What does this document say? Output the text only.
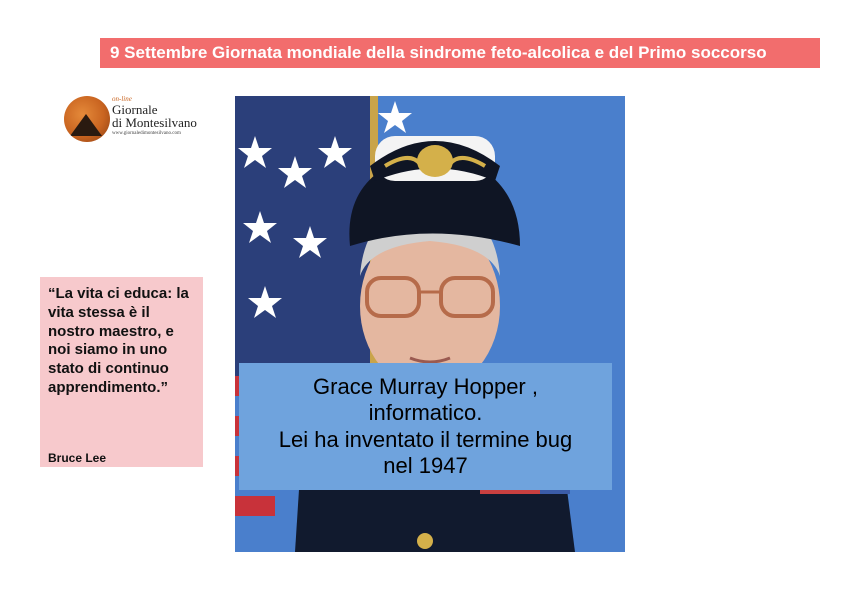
9 Settembre Giornata mondiale della sindrome feto-alcolica e del Primo soccorso
on-line
Giornale
di Montesilvano
www.giornaledimontesilvano.com
“La vita ci educa: la vita stessa è il nostro maestro, e noi siamo in uno stato di continuo apprendimento.”
Bruce Lee
Grace Murray Hopper ,
informatico.
Lei ha inventato il termine bug
nel 1947
